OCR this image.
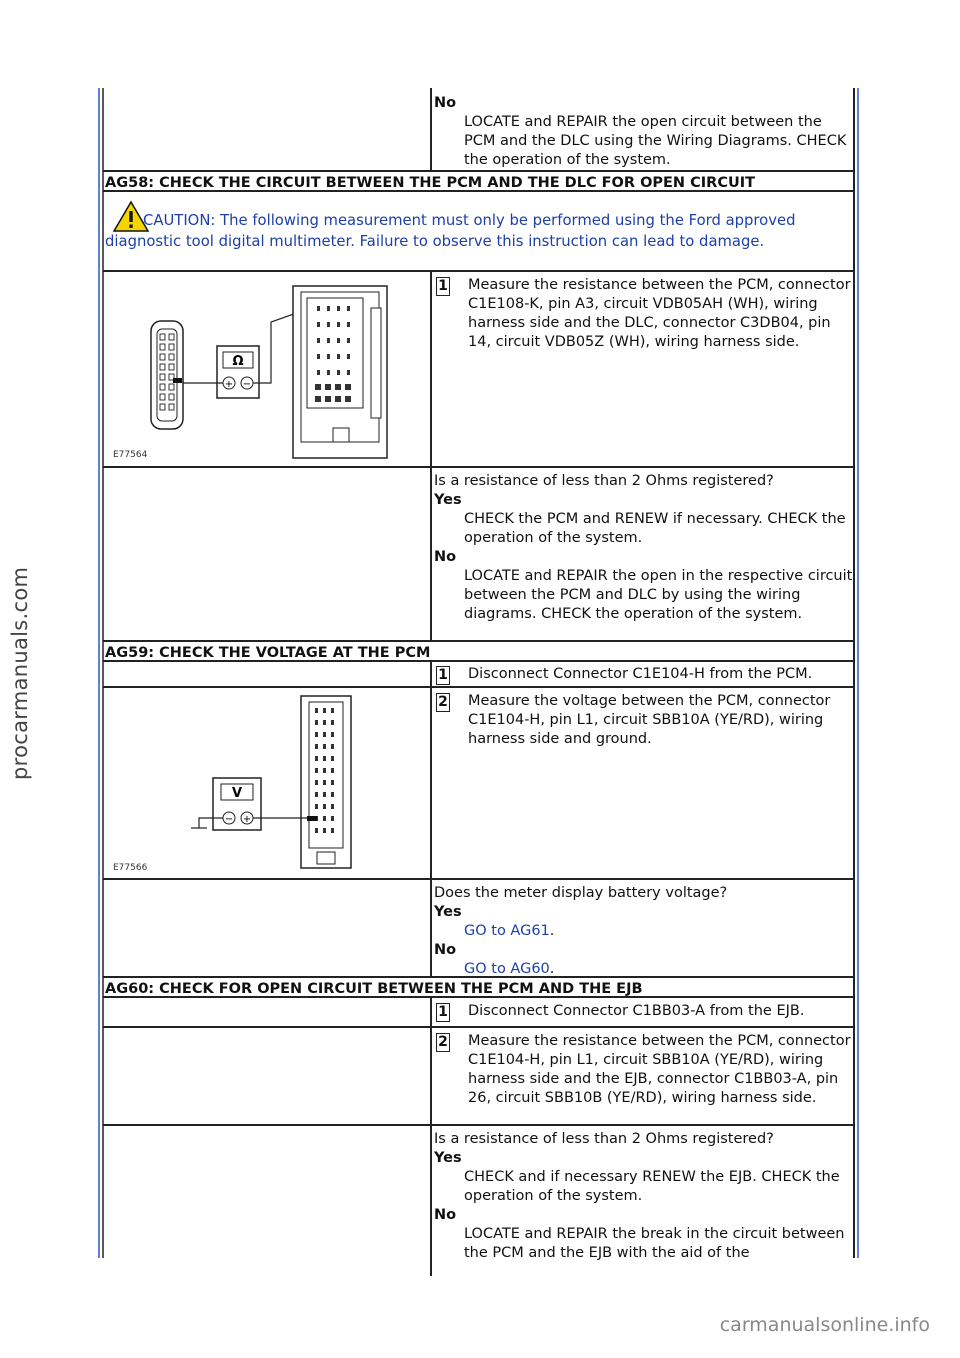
procarmanuals.com
carmanualsonline.info
No
LOCATE and REPAIR the open circuit between the PCM and the DLC using the Wiring Diagrams. CHECK the operation of the system.
AG58: CHECK THE CIRCUIT BETWEEN THE PCM AND THE DLC FOR OPEN CIRCUIT
CAUTION: The following measurement must only be performed using the Ford approved diagnostic tool digital multimeter. Failure to observe this instruction can lead to damage.
Ω
+ −
E77564
1 Measure the resistance between the PCM, connector C1E108-K, pin A3, circuit VDB05AH (WH), wiring harness side and the DLC, connector C3DB04, pin 14, circuit VDB05Z (WH), wiring harness side.
Is a resistance of less than 2 Ohms registered?
Yes
CHECK the PCM and RENEW if necessary. CHECK the operation of the system.
No
LOCATE and REPAIR the open in the respective circuit between the PCM and DLC by using the wiring diagrams. CHECK the operation of the system.
AG59: CHECK THE VOLTAGE AT THE PCM
1 Disconnect Connector C1E104-H from the PCM.
V
− +
E77566
2 Measure the voltage between the PCM, connector C1E104-H, pin L1, circuit SBB10A (YE/RD), wiring harness side and ground.
Does the meter display battery voltage?
Yes
GO to AG61.
No
GO to AG60.
AG60: CHECK FOR OPEN CIRCUIT BETWEEN THE PCM AND THE EJB
1 Disconnect Connector C1BB03-A from the EJB.
2 Measure the resistance between the PCM, connector C1E104-H, pin L1, circuit SBB10A (YE/RD), wiring harness side and the EJB, connector C1BB03-A, pin 26, circuit SBB10B (YE/RD), wiring harness side.
Is a resistance of less than 2 Ohms registered?
Yes
CHECK and if necessary RENEW the EJB. CHECK the operation of the system.
No
LOCATE and REPAIR the break in the circuit between the PCM and the EJB with the aid of the
